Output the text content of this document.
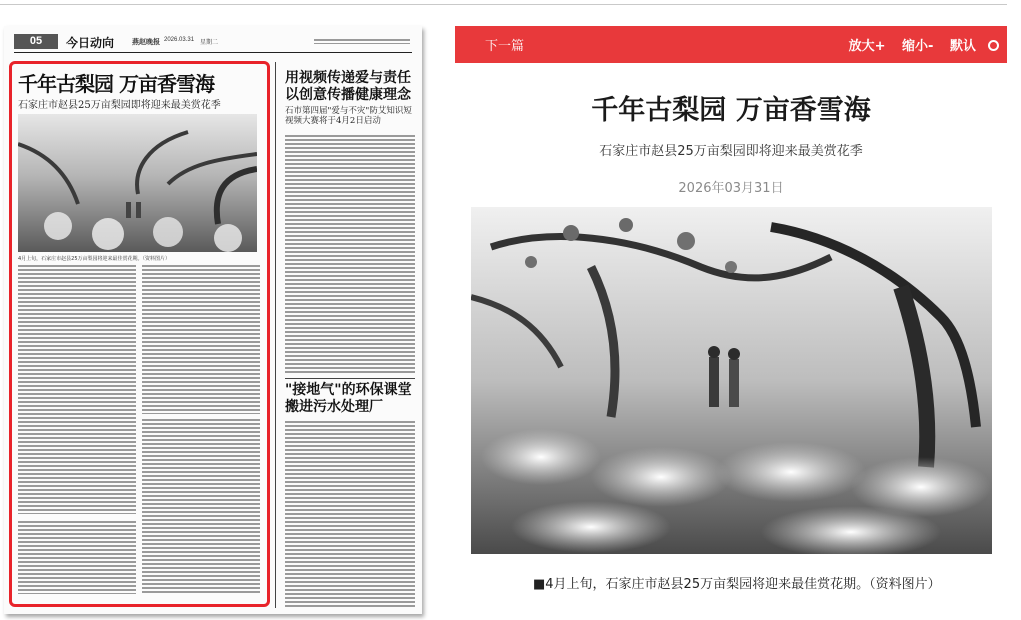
05	今日动向	燕赵晚报 2026.03.31 星期二
千年古梨园 万亩香雪海
石家庄市赵县25万亩梨园即将迎来最美赏花季
4月上旬，石家庄市赵县25万亩梨园将迎来最佳赏花期。（资料图片）
用视频传递爱与责任 以创意传播健康理念
石市第四届"爱与不灾"防艾知识短视频大赛将于4月2日启动
"接地气"的环保课堂 搬进污水处理厂
下一篇	放大+ 缩小- 默认
千年古梨园 万亩香雪海
石家庄市赵县25万亩梨园即将迎来最美赏花季
2026年03月31日
■4月上旬，石家庄市赵县25万亩梨园将迎来最佳赏花期。（资料图片）
